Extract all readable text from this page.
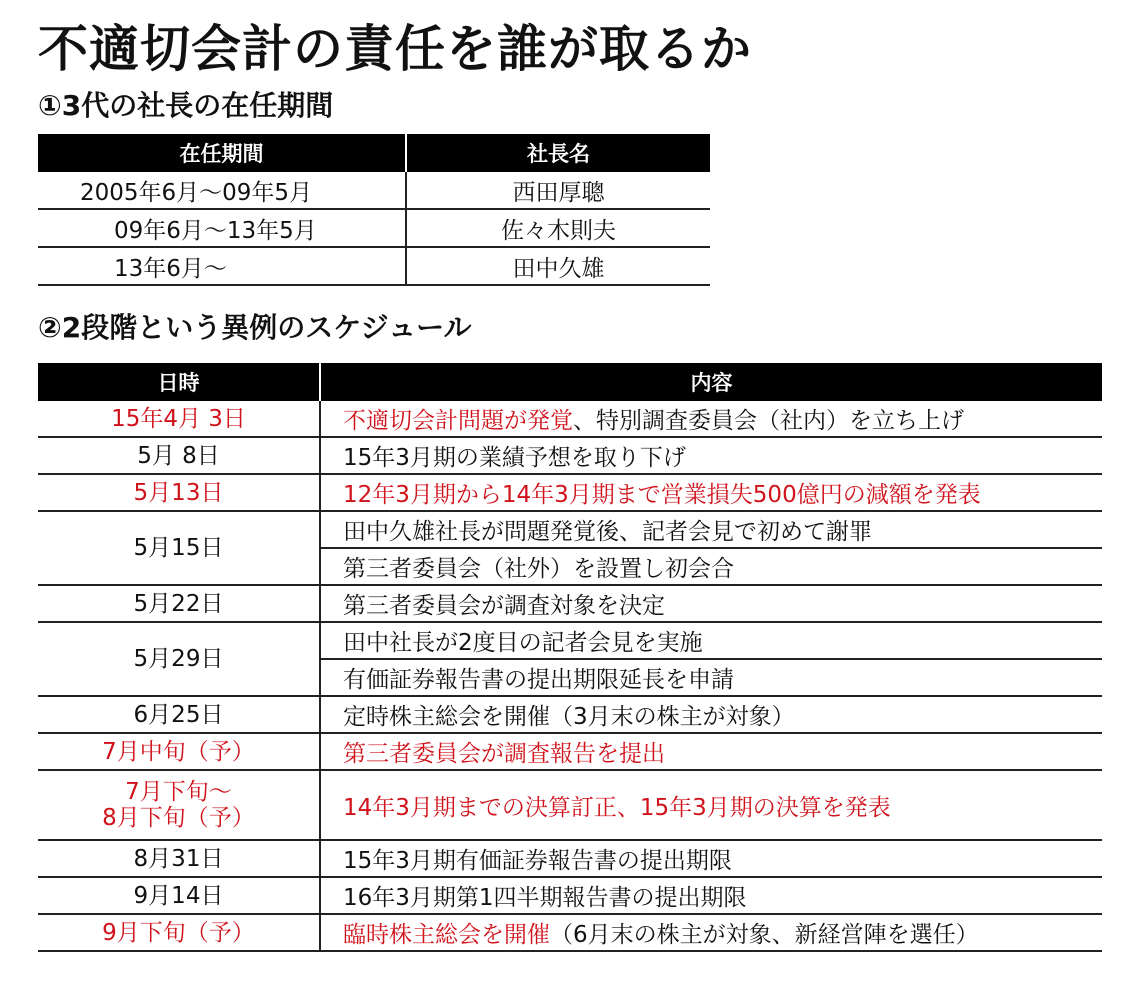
不適切会計の責任を誰が取るか
①3代の社長の在任期間
在任期間	社長名
2005年6月～09年5月	西田厚聰
09年6月～13年5月	佐々木則夫
13年6月～	田中久雄
②2段階という異例のスケジュール
日時	内容
15年4月 3日	不適切会計問題が発覚、特別調査委員会（社内）を立ち上げ
5月 8日	15年3月期の業績予想を取り下げ
5月13日	12年3月期から14年3月期まで営業損失500億円の減額を発表
5月15日	田中久雄社長が問題発覚後、記者会見で初めて謝罪
	第三者委員会（社外）を設置し初会合
5月22日	第三者委員会が調査対象を決定
5月29日	田中社長が2度目の記者会見を実施
	有価証券報告書の提出期限延長を申請
6月25日	定時株主総会を開催（3月末の株主が対象）
7月中旬（予）	第三者委員会が調査報告を提出

7月下旬～
8月下旬（予）	14年3月期までの決算訂正、15年3月期の決算を発表
8月31日	15年3月期有価証券報告書の提出期限
9月14日	16年3月期第1四半期報告書の提出期限
9月下旬（予）	臨時株主総会を開催（6月末の株主が対象、新経営陣を選任）
